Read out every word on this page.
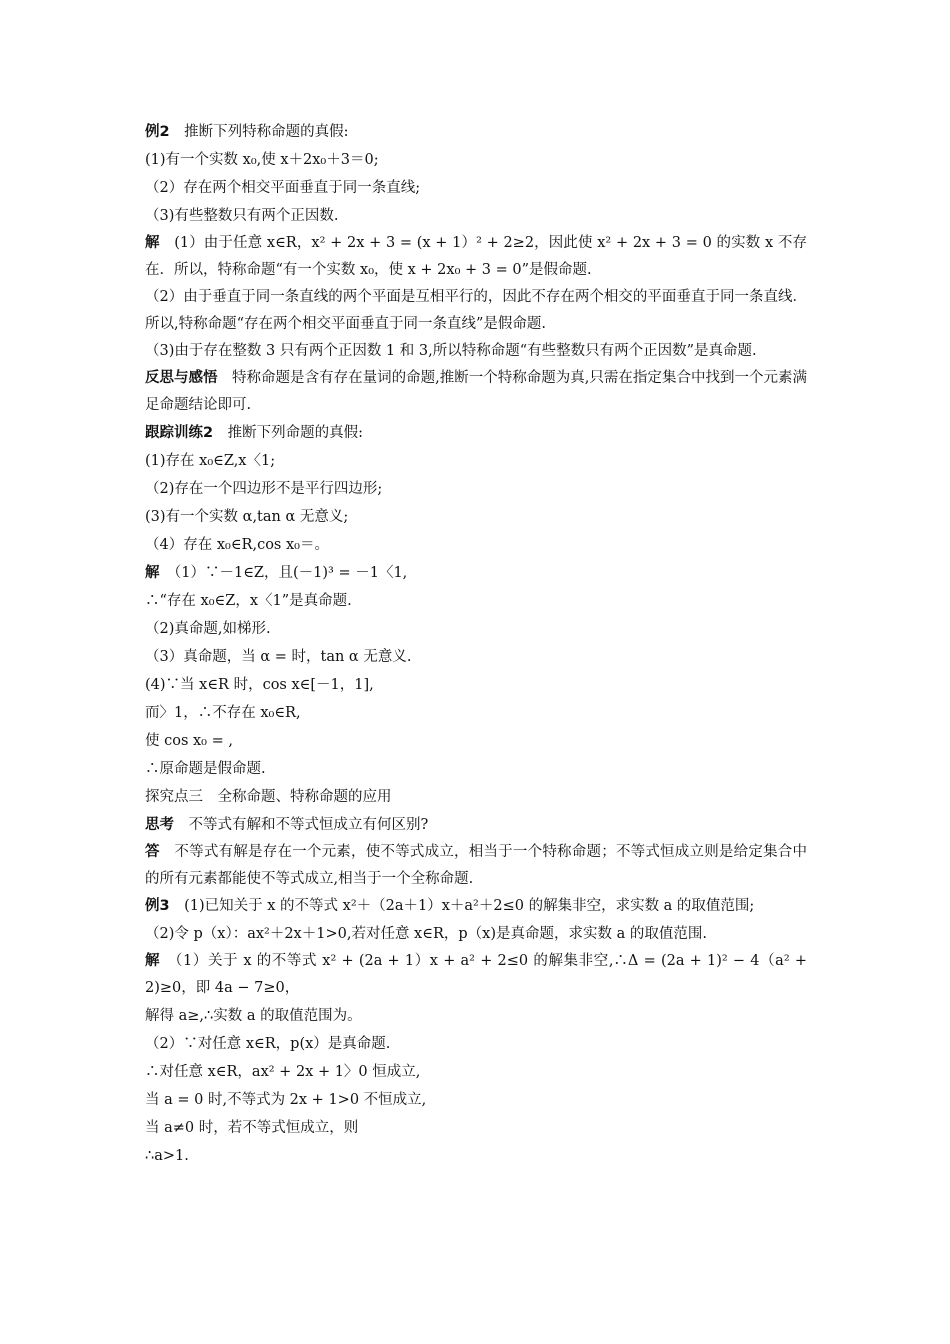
例2　推断下列特称命题的真假:

(1)有一个实数 x₀,使 x＋2x₀＋3＝0;

（2）存在两个相交平面垂直于同一条直线;

（3)有些整数只有两个正因数.

解　(1）由于任意 x∈R，x² + 2x + 3 = (x + 1）² + 2≥2，因此使 x² + 2x + 3 = 0 的实数 x 不存在．所以，特称命题“有一个实数 x₀，使 x + 2x₀ + 3 = 0”是假命题.

（2）由于垂直于同一条直线的两个平面是互相平行的，因此不存在两个相交的平面垂直于同一条直线．所以,特称命题“存在两个相交平面垂直于同一条直线”是假命题.

（3)由于存在整数 3 只有两个正因数 1 和 3,所以特称命题“有些整数只有两个正因数”是真命题.

反思与感悟　特称命题是含有存在量词的命题,推断一个特称命题为真,只需在指定集合中找到一个元素满足命题结论即可.

跟踪训练2　推断下列命题的真假:

(1)存在 x₀∈Z,x〈1;

（2)存在一个四边形不是平行四边形;

(3)有一个实数 α,tan α 无意义;

（4）存在 x₀∈R,cos x₀＝。

解　（1）∵－1∈Z，且(－1)³ = －1〈1,

∴“存在 x₀∈Z，x〈1”是真命题.

（2)真命题,如梯形.

（3）真命题，当 α = 时，tan α 无意义.

(4)∵当 x∈R 时，cos x∈[－1，1],

而〉1，∴不存在 x₀∈R,

使 cos x₀ = ,

∴原命题是假命题.

探究点三　全称命题、特称命题的应用

思考　不等式有解和不等式恒成立有何区别?

答　不等式有解是存在一个元素，使不等式成立，相当于一个特称命题；不等式恒成立则是给定集合中的所有元素都能使不等式成立,相当于一个全称命题.

例3　(1)已知关于 x 的不等式 x²＋（2a＋1）x＋a²＋2≤0 的解集非空，求实数 a 的取值范围;

（2)令 p（x）：ax²＋2x＋1>0,若对任意 x∈R，p（x)是真命题，求实数 a 的取值范围.

解　（1）关于 x 的不等式 x² + (2a + 1）x + a² + 2≤0 的解集非空,∴Δ = (2a + 1)² − 4（a² + 2)≥0，即 4a − 7≥0，

解得 a≥,∴实数 a 的取值范围为。

（2）∵对任意 x∈R，p(x）是真命题.

∴对任意 x∈R，ax² + 2x + 1〉0 恒成立,

当 a = 0 时,不等式为 2x + 1>0 不恒成立,

当 a≠0 时，若不等式恒成立，则

∴a>1.
